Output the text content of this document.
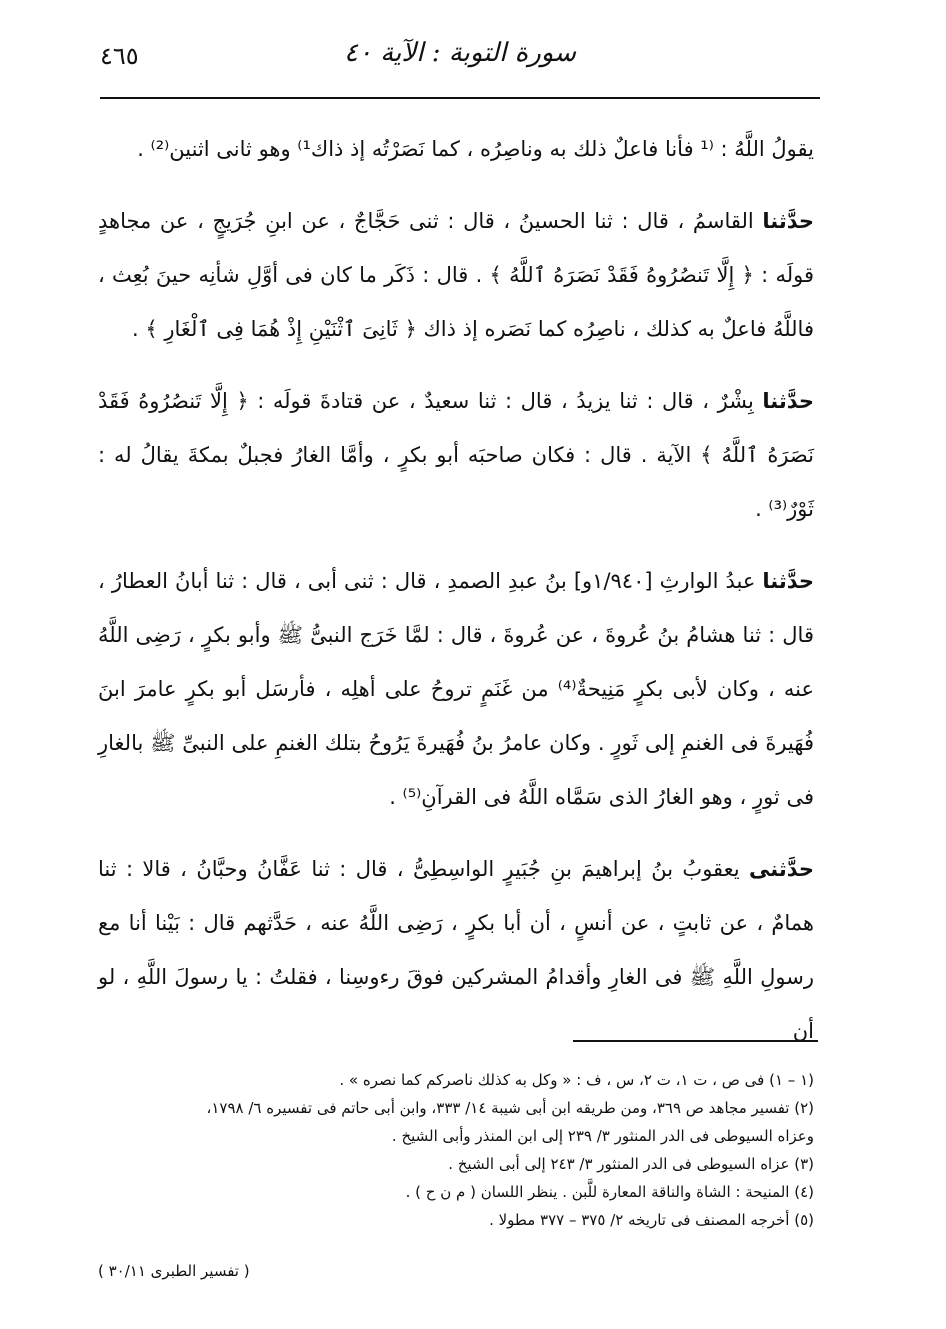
سورة التوبة : الآية ٤٠
٤٦٥

يقولُ اللَّهُ : ⁽¹ فأنا فاعلٌ ذلك به وناصِرُه ، كما نَصَرْتُه إذ ذاك¹⁾ وهو ثانى اثنين⁽²⁾ .

حدَّثنا القاسمُ ، قال : ثنا الحسينُ ، قال : ثنى حَجَّاجٌ ، عن ابنِ جُرَيجٍ ، عن مجاهدٍ قولَه : ﴿ إِلَّا تَنصُرُوهُ فَقَدْ نَصَرَهُ ٱللَّهُ ﴾ . قال : ذَكَر ما كان فى أوَّلِ شأنِه حينَ بُعِث ، فاللَّهُ فاعلٌ به كذلك ، ناصِرُه كما نَصَره إذ ذاك ﴿ ثَانِىَ ٱثْنَيْنِ إِذْ هُمَا فِى ٱلْغَارِ ﴾ .

حدَّثنا بِشْرٌ ، قال : ثنا يزيدُ ، قال : ثنا سعيدٌ ، عن قتادةَ قولَه : ﴿ إِلَّا تَنصُرُوهُ فَقَدْ نَصَرَهُ ٱللَّهُ ﴾ الآية . قال : فكان صاحبَه أبو بكرٍ ، وأمَّا الغارُ فجبلٌ بمكةَ يقالُ له : ثَوْرٌ⁽³⁾ .

حدَّثنا عبدُ الوارثِ [١/٩٤٠و] بنُ عبدِ الصمدِ ، قال : ثنى أبى ، قال : ثنا أبانُ العطارُ ، قال : ثنا هشامُ بنُ عُروةَ ، عن عُروةَ ، قال : لمَّا خَرَج النبىُّ ﷺ وأبو بكرٍ ، رَضِى اللَّهُ عنه ، وكان لأبى بكرٍ مَنِيحةٌ⁽⁴⁾ من غَنَمٍ تروحُ على أهلِه ، فأرسَل أبو بكرٍ عامرَ ابنَ فُهَيرةَ فى الغنمِ إلى ثَورٍ . وكان عامرُ بنُ فُهَيرةَ يَرُوحُ بتلك الغنمِ على النبىِّ ﷺ بالغارِ فى ثورٍ ، وهو الغارُ الذى سَمَّاه اللَّهُ فى القرآنِ⁽⁵⁾ .

حدَّثنى يعقوبُ بنُ إبراهيمَ بنِ جُبَيرٍ الواسِطِىُّ ، قال : ثنا عَفَّانُ وحبَّانُ ، قالا : ثنا همامٌ ، عن ثابتٍ ، عن أنسٍ ، أن أبا بكرٍ ، رَضِى اللَّهُ عنه ، حَدَّثهم قال : بَيْنا أنا مع رسولِ اللَّهِ ﷺ فى الغارِ وأقدامُ المشركين فوقَ رءوسِنا ، فقلتُ : يا رسولَ اللَّهِ ، لو أن

(١ – ١) فى ص ، ت ١، ت ٢، س ، ف : « وكل به كذلك ناصركم كما نصره » .
(٢) تفسير مجاهد ص ٣٦٩، ومن طريقه ابن أبى شيبة ١٤/ ٣٣٣، وابن أبى حاتم فى تفسيره ٦/ ١٧٩٨،
وعزاه السيوطى فى الدر المنثور ٣/ ٢٣٩ إلى ابن المنذر وأبى الشيخ .
(٣) عزاه السيوطى فى الدر المنثور ٣/ ٢٤٣ إلى أبى الشيخ .
(٤) المنيحة : الشاة والناقة المعارة للَّبن . ينظر اللسان ( م ن ح ) .
(٥) أخرجه المصنف فى تاريخه ٢/ ٣٧٥ – ٣٧٧ مطولا .
( تفسير الطبرى ٣٠/١١ )
